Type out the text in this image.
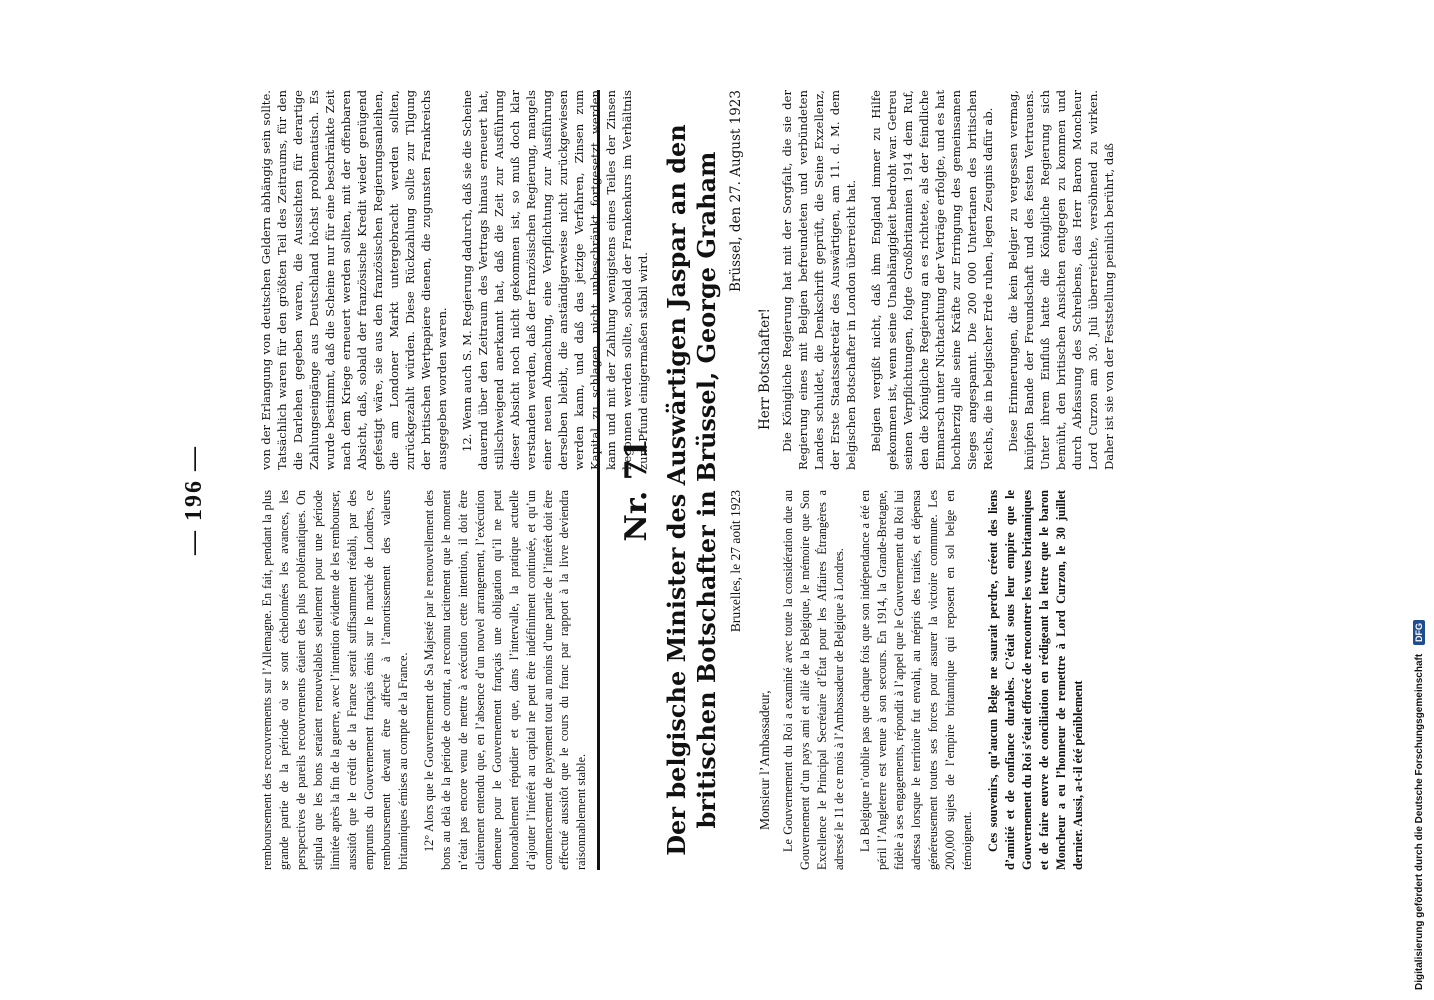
— 196 —	remboursement des recouvrements sur l’Allemagne. En fait, pendant la plus grande partie de la période où se sont échelonnées les avances, les perspectives de pareils recouvrements étaient des plus problématiques. On stipula que les bons seraient renouvelables seulement pour une période limitée après la fin de la guerre, avec l’intention évidente de les rembourser, aussitôt que le crédit de la France serait suffisamment rétabli, par des emprunts du Gouvernement français émis sur le marché de Londres, ce remboursement devant être affecté à l’amortissement des valeurs britanniques émises au compte de la France. 12° Alors que le Gouvernement de Sa Majesté par le renouvellement des bons au delà de la période de contrat, a reconnu tacitement que le moment n’était pas encore venu de mettre à exécution cette intention, il doit être clairement entendu que, en l’absence d’un nouvel arrangement, l’exécution demeure pour le Gouvernement français une obligation qu’il ne peut honorablement répudier et que, dans l’intervalle, la pratique actuelle d’ajouter l’intérêt au capital ne peut être indéfiniment continuée, et qu’un commencement de payement tout au moins d’une partie de l’intérêt doit être effectué aussitôt que le cours du franc par rapport à la livre deviendra raisonnablement stable.

von der Erlangung von deutschen Geldern abhängig sein sollte. Tatsächlich waren für den größten Teil des Zeitraums, für den die Darlehen gegeben waren, die Aussichten für derartige Zahlungseingänge aus Deutschland höchst problematisch. Es wurde bestimmt, daß die Scheine nur für eine beschränkte Zeit nach dem Kriege erneuert werden sollten, mit der offenbaren Absicht, daß, sobald der französische Kredit wieder genügend gefestigt wäre, sie aus den französischen Regierungsanleihen, die am Londoner Markt untergebracht werden sollten, zurückgezahlt würden. Diese Rückzahlung sollte zur Tilgung der britischen Wertpapiere dienen, die zugunsten Frankreichs ausgegeben worden waren. 12. Wenn auch S. M. Regierung dadurch, daß sie die Scheine dauernd über den Zeitraum des Vertrags hinaus erneuert hat, stillschweigend anerkannt hat, daß die Zeit zur Ausführung dieser Absicht noch nicht gekommen ist, so muß doch klar verstanden werden, daß der französischen Regierung, mangels einer neuen Abmachung, eine Verpflichtung zur Ausführung derselben bleibt, die anständigerweise nicht zurückgewiesen werden kann, und daß das jetzige Verfahren, Zinsen zum Kapital zu schlagen, nicht unbeschränkt fortgesetzt werden kann und mit der Zahlung wenigstens eines Teiles der Zinsen begonnen werden sollte, sobald der Frankenkurs im Verhältnis zum Pfund einigermaßen stabil wird.

Nr. 71 Der belgische Minister des Auswärtigen Jaspar an den britischen Botschafter in Brüssel, George Graham Bruxelles, le 27 août 1923
Monsieur l’Ambassadeur, Le Gouvernement du Roi a examiné avec toute la considération due au Gouvernement d’un pays ami et allié de la Belgique, le mémoire que Son Excellence le Principal Secrétaire d’État pour les Affaires Étrangères a adressé le 11 de ce mois à l’Ambassadeur de Belgique à Londres. La Belgique n’oublie pas que chaque fois que son indépendance a été en péril l’Angleterre est venue à son secours. En 1914, la Grande-Bretagne, fidèle à ses engagements, répondit à l’appel que le Gouvernement du Roi lui adressa lorsque le territoire fut envahi, au mépris des traités, et dépensa généreusement toutes ses forces pour assurer la victoire commune. Les 200,000 sujets de l’empire britannique qui reposent en sol belge en témoignent. Ces souvenirs, qu’aucun Belge ne saurait perdre, créent des liens d’amitié et de confiance durables. C’était sous leur empire que le Gouvernement du Roi s’était efforcé de rencontrer les vues britanniques et de faire œuvre de conciliation en rédigeant la lettre que le baron Moncheur a eu l’honneur de remettre à Lord Curzon, le 30 juillet dernier. Aussi, a-t-il été péniblement

Brüssel, den 27. August 1923
Herr Botschafter! Die Königliche Regierung hat mit der Sorgfalt, die sie der Regierung eines mit Belgien befreundeten und verbündeten Landes schuldet, die Denkschrift geprüft, die Seine Exzellenz, der Erste Staatssekretär des Auswärtigen, am 11. d. M. dem belgischen Botschafter in London überreicht hat. Belgien vergißt nicht, daß ihm England immer zu Hilfe gekommen ist, wenn seine Unabhängigkeit bedroht war. Getreu seinen Verpflichtungen, folgte Großbritannien 1914 dem Ruf, den die Königliche Regierung an es richtete, als der feindliche Einmarsch unter Nichtachtung der Verträge erfolgte, und es hat hochherzig alle seine Kräfte zur Erringung des gemeinsamen Sieges angespannt. Die 200 000 Untertanen des britischen Reichs, die in belgischer Erde ruhen, legen Zeugnis dafür ab. Diese Erinnerungen, die kein Belgier zu vergessen vermag, knüpfen Bande der Freundschaft und des festen Vertrauens. Unter ihrem Einfluß hatte die Königliche Regierung sich bemüht, den britischen Ansichten entgegen zu kommen und durch Abfassung des Schreibens, das Herr Baron Moncheur Lord Curzon am 30. Juli überreichte, versöhnend zu wirken. Daher ist sie von der Feststellung peinlich berührt, daß

Digitalisierung gefördert durch die Deutsche Forschungsgemeinschaft DFG
